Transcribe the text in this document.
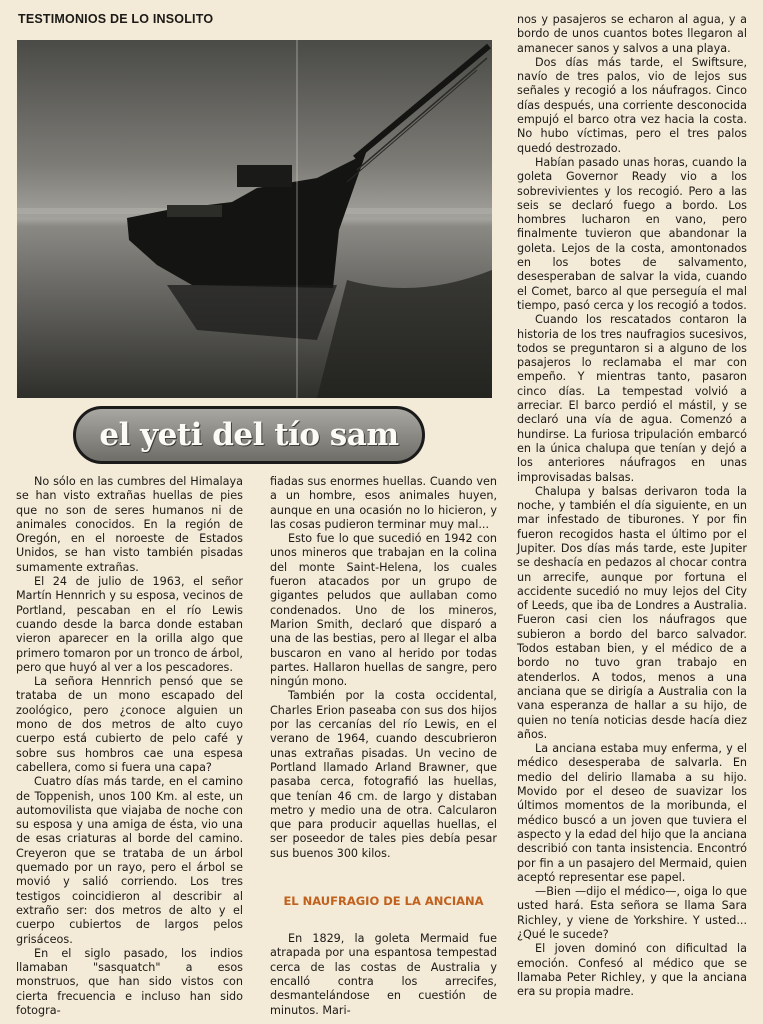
TESTIMONIOS DE LO INSOLITO
el yeti del tío sam

No sólo en las cumbres del Himalaya se han visto extrañas huellas de pies que no son de seres humanos ni de animales conocidos. En la región de Oregón, en el noroeste de Estados Unidos, se han visto también pisadas sumamente extrañas.

El 24 de julio de 1963, el señor Martín Hennrich y su esposa, vecinos de Portland, pescaban en el río Lewis cuando desde la barca donde estaban vieron aparecer en la orilla algo que primero tomaron por un tronco de árbol, pero que huyó al ver a los pescadores.

La señora Hennrich pensó que se trataba de un mono escapado del zoológico, pero ¿conoce alguien un mono de dos metros de alto cuyo cuerpo está cubierto de pelo café y sobre sus hombros cae una espesa cabellera, como si fuera una capa?

Cuatro días más tarde, en el camino de Toppenish, unos 100 Km. al este, un automovilista que viajaba de noche con su esposa y una amiga de ésta, vio una de esas criaturas al borde del camino. Creyeron que se trataba de un árbol quemado por un rayo, pero el árbol se movió y salió corriendo. Los tres testigos coincidieron al describir al extraño ser: dos metros de alto y el cuerpo cubiertos de largos pelos grisáceos.

En el siglo pasado, los indios llamaban "sasquatch" a esos monstruos, que han sido vistos con cierta frecuencia e incluso han sido fotogra-

fiadas sus enormes huellas. Cuando ven a un hombre, esos animales huyen, aunque en una ocasión no lo hicieron, y las cosas pudieron terminar muy mal...

Esto fue lo que sucedió en 1942 con unos mineros que trabajan en la colina del monte Saint-Helena, los cuales fueron atacados por un grupo de gigantes peludos que aullaban como condenados. Uno de los mineros, Marion Smith, declaró que disparó a una de las bestias, pero al llegar el alba buscaron en vano al herido por todas partes. Hallaron huellas de sangre, pero ningún mono.

También por la costa occidental, Charles Erion paseaba con sus dos hijos por las cercanías del río Lewis, en el verano de 1964, cuando descubrieron unas extrañas pisadas. Un vecino de Portland llamado Arland Brawner, que pasaba cerca, fotografió las huellas, que tenían 46 cm. de largo y distaban metro y medio una de otra. Calcularon que para producir aquellas huellas, el ser poseedor de tales pies debía pesar sus buenos 300 kilos.

EL NAUFRAGIO DE LA ANCIANA

En 1829, la goleta Mermaid fue atrapada por una espantosa tempestad cerca de las costas de Australia y encalló contra los arrecifes, desmantelándose en cuestión de minutos. Mari-

nos y pasajeros se echaron al agua, y a bordo de unos cuantos botes llegaron al amanecer sanos y salvos a una playa.

Dos días más tarde, el Swiftsure, navío de tres palos, vio de lejos sus señales y recogió a los náufragos. Cinco días después, una corriente desconocida empujó el barco otra vez hacia la costa. No hubo víctimas, pero el tres palos quedó destrozado.

Habían pasado unas horas, cuando la goleta Governor Ready vio a los sobrevivientes y los recogió. Pero a las seis se declaró fuego a bordo. Los hombres lucharon en vano, pero finalmente tuvieron que abandonar la goleta. Lejos de la costa, amontonados en los botes de salvamento, desesperaban de salvar la vida, cuando el Comet, barco al que perseguía el mal tiempo, pasó cerca y los recogió a todos.

Cuando los rescatados contaron la historia de los tres naufragios sucesivos, todos se preguntaron si a alguno de los pasajeros lo reclamaba el mar con empeño. Y mientras tanto, pasaron cinco días. La tempestad volvió a arreciar. El barco perdió el mástil, y se declaró una vía de agua. Comenzó a hundirse. La furiosa tripulación embarcó en la única chalupa que tenían y dejó a los anteriores náufragos en unas improvisadas balsas.

Chalupa y balsas derivaron toda la noche, y también el día siguiente, en un mar infestado de tiburones. Y por fin fueron recogidos hasta el último por el Jupiter. Dos días más tarde, este Jupiter se deshacía en pedazos al chocar contra un arrecife, aunque por fortuna el accidente sucedió no muy lejos del City of Leeds, que iba de Londres a Australia. Fueron casi cien los náufragos que subieron a bordo del barco salvador. Todos estaban bien, y el médico de a bordo no tuvo gran trabajo en atenderlos. A todos, menos a una anciana que se dirigía a Australia con la vana esperanza de hallar a su hijo, de quien no tenía noticias desde hacía diez años.

La anciana estaba muy enferma, y el médico desesperaba de salvarla. En medio del delirio llamaba a su hijo. Movido por el deseo de suavizar los últimos momentos de la moribunda, el médico buscó a un joven que tuviera el aspecto y la edad del hijo que la anciana describió con tanta insistencia. Encontró por fin a un pasajero del Mermaid, quien aceptó representar ese papel.

—Bien —dijo el médico—, oiga lo que usted hará. Esta señora se llama Sara Richley, y viene de Yorkshire. Y usted... ¿Qué le sucede?

El joven dominó con dificultad la emoción. Confesó al médico que se llamaba Peter Richley, y que la anciana era su propia madre.
